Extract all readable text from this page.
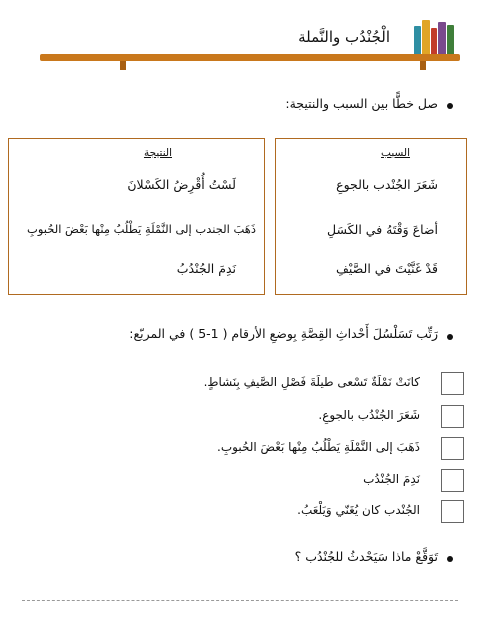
الْجُنْدُب والنَّملة
صل خطًّا بين السبب والنتيجة:
السبب
شَعَرَ الجُنْدب بالجوعِ
أضاعَ وَقْتَهُ في الكَسَلِ
قَدْ غَنَّيْتَ في الصَّيْفِ
النتيجة
لَسْتُ أُقْرِضُ الكَسْلانَ
ذَهَبَ الجندب إلى النَّمْلَةِ يَطْلُبُ مِنْها بَعْضَ الحُبوبِ
نَدِمَ الجُنْدُبُ
رَتِّب تَسَلْسُلَ أَحْداثِ القِصَّةِ بِوضعِ الأرقام ( 1-5 ) في المربّع:
كانَتْ نَمْلَةٌ تَسْعى طيلَةَ فَصْلِ الصَّيفِ بِنَشاطٍ.
شَعَرَ الجُنْدُب بالجوعِ.
ذَهَبَ إلى النَّمْلَةِ يَطْلُبُ مِنْها بَعْضَ الحُبوبِ.
نَدِمَ الجُنْدُب
الجُنْدب كان يُغَنّي وَيَلْعَبُ.
تَوَقَّعْ ماذا سَيَحْدثُ للجُنْدُب ؟
